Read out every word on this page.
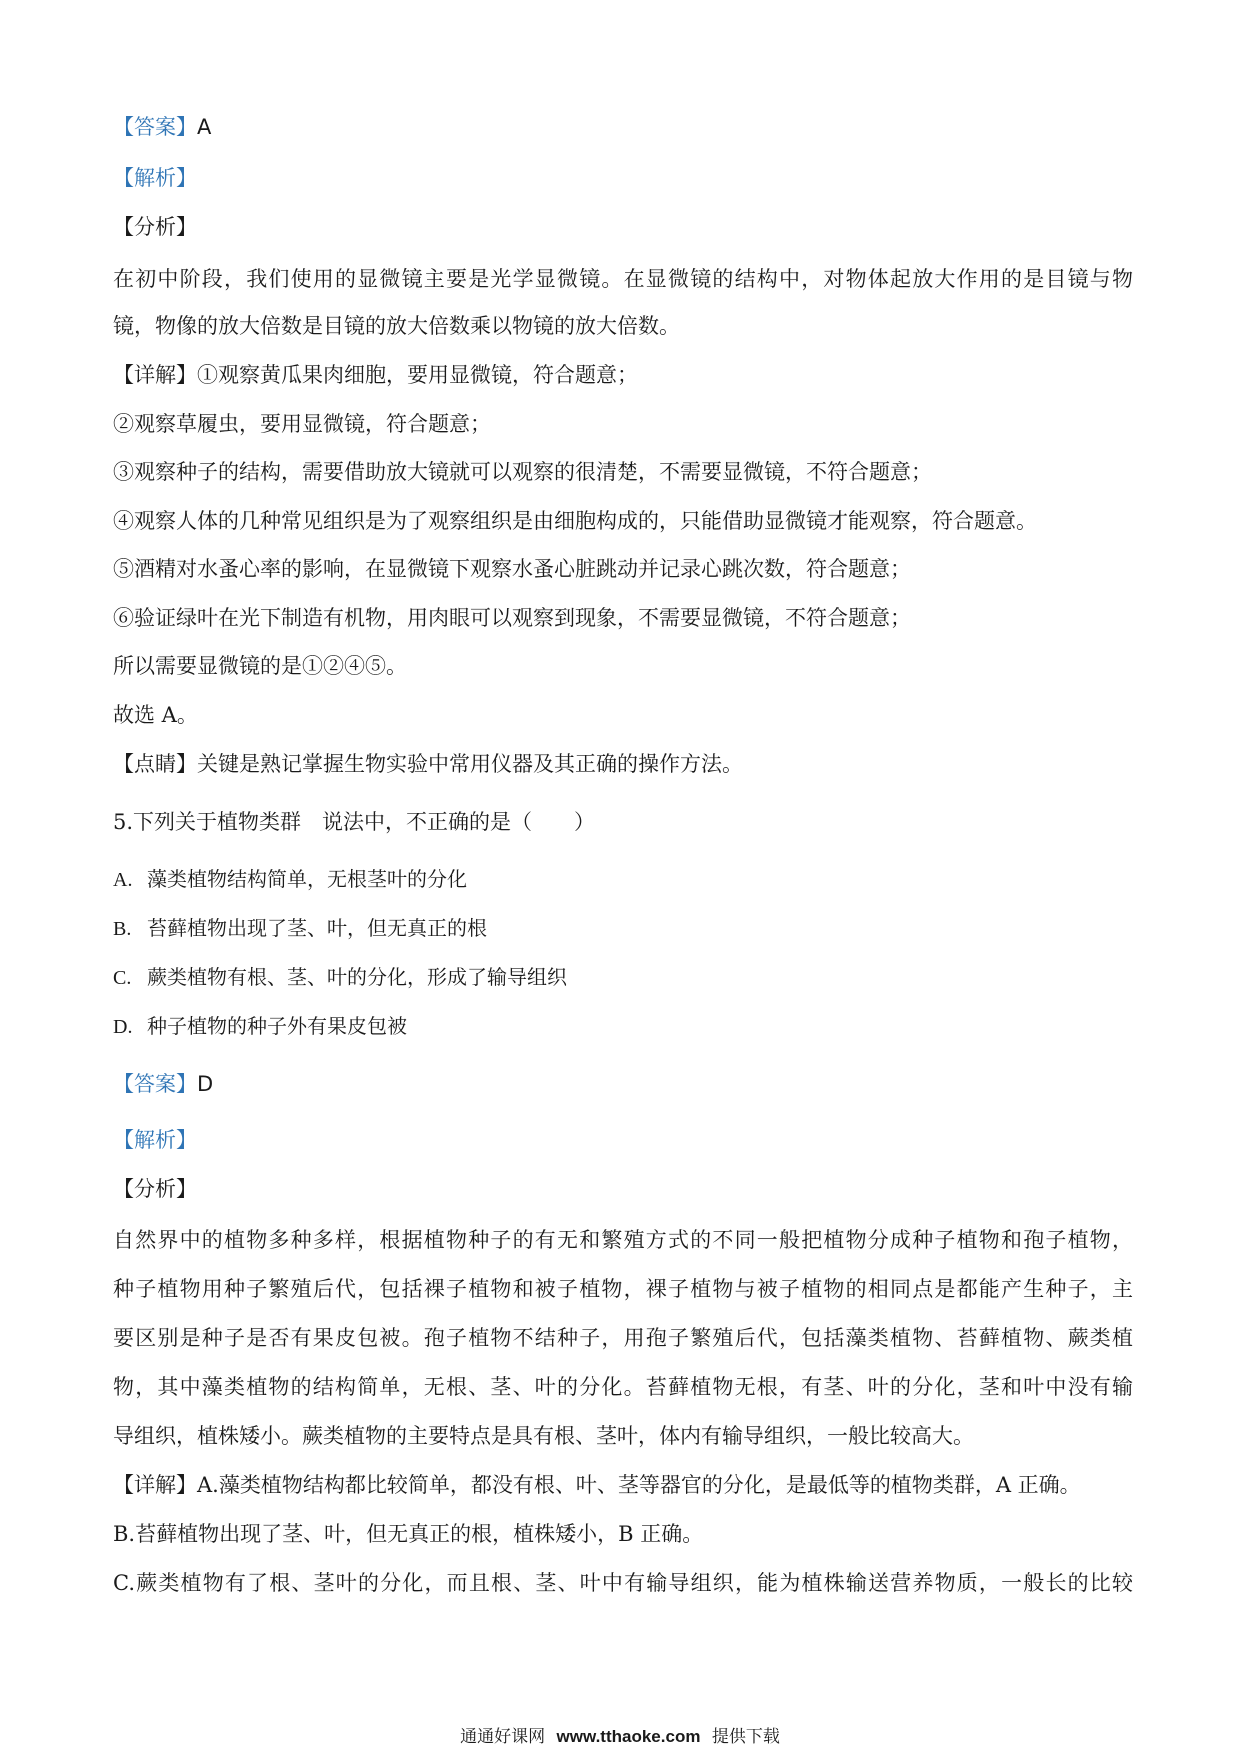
【答案】A
【解析】
【分析】
在初中阶段，我们使用的显微镜主要是光学显微镜。在显微镜的结构中，对物体起放大作用的是目镜与物
镜，物像的放大倍数是目镜的放大倍数乘以物镜的放大倍数。
【详解】①观察黄瓜果肉细胞，要用显微镜，符合题意；
②观察草履虫，要用显微镜，符合题意；
③观察种子的结构，需要借助放大镜就可以观察的很清楚，不需要显微镜，不符合题意；
④观察人体的几种常见组织是为了观察组织是由细胞构成的，只能借助显微镜才能观察，符合题意。
⑤酒精对水蚤心率的影响，在显微镜下观察水蚤心脏跳动并记录心跳次数，符合题意；
⑥验证绿叶在光下制造有机物，用肉眼可以观察到现象，不需要显微镜，不符合题意；
所以需要显微镜的是①②④⑤。
故选 A。
【点睛】关键是熟记掌握生物实验中常用仪器及其正确的操作方法。
5.下列关于植物类群　说法中，不正确的是（　　）
A. 藻类植物结构简单，无根茎叶的分化
B. 苔藓植物出现了茎、叶，但无真正的根
C. 蕨类植物有根、茎、叶的分化，形成了输导组织
D. 种子植物的种子外有果皮包被
【答案】D
【解析】
【分析】
自然界中的植物多种多样，根据植物种子的有无和繁殖方式的不同一般把植物分成种子植物和孢子植物，
种子植物用种子繁殖后代，包括裸子植物和被子植物，裸子植物与被子植物的相同点是都能产生种子，主
要区别是种子是否有果皮包被。孢子植物不结种子，用孢子繁殖后代，包括藻类植物、苔藓植物、蕨类植
物，其中藻类植物的结构简单，无根、茎、叶的分化。苔藓植物无根，有茎、叶的分化，茎和叶中没有输
导组织，植株矮小。蕨类植物的主要特点是具有根、茎叶，体内有输导组织，一般比较高大。
【详解】A.藻类植物结构都比较简单，都没有根、叶、茎等器官的分化，是最低等的植物类群，A 正确。
B.苔藓植物出现了茎、叶，但无真正的根，植株矮小，B 正确。
C.蕨类植物有了根、茎叶的分化，而且根、茎、叶中有输导组织，能为植株输送营养物质，一般长的比较
通通好课网 www.tthaoke.com 提供下载
